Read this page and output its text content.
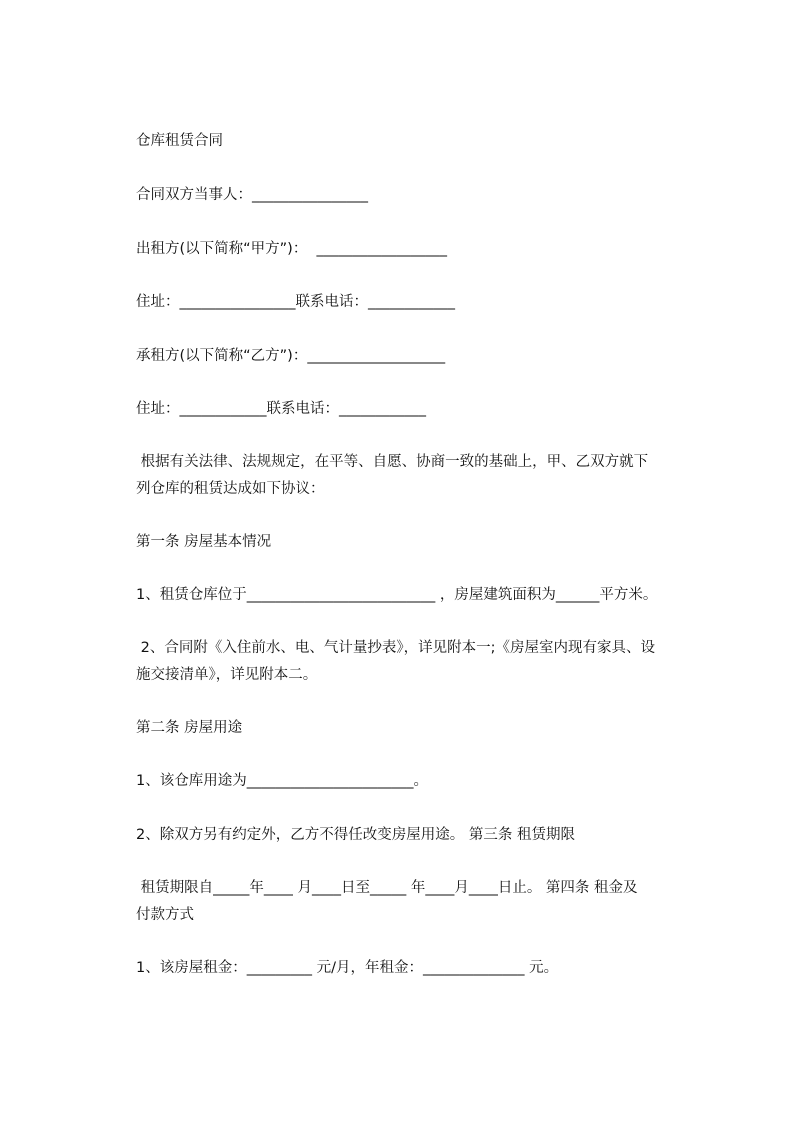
仓库租赁合同
合同双方当事人：________________
出租方(以下简称“甲方”)：  __________________
住址：________________联系电话：____________
承租方(以下简称“乙方”)：___________________
住址：____________联系电话：____________
根据有关法律、法规规定，在平等、自愿、协商一致的基础上，甲、乙双方就下
列仓库的租赁达成如下协议：
第一条 房屋基本情况
1、租赁仓库位于__________________________ ，房屋建筑面积为______平方米。
2、合同附《入住前水、电、气计量抄表》，详见附本一;《房屋室内现有家具、设
施交接清单》，详见附本二。
第二条 房屋用途
1、该仓库用途为_______________________。
2、除双方另有约定外，乙方不得任改变房屋用途。 第三条 租赁期限
租赁期限自_____年____ 月____日至_____ 年____月____日止。 第四条 租金及
付款方式
1、该房屋租金：_________ 元/月，年租金：______________ 元。
